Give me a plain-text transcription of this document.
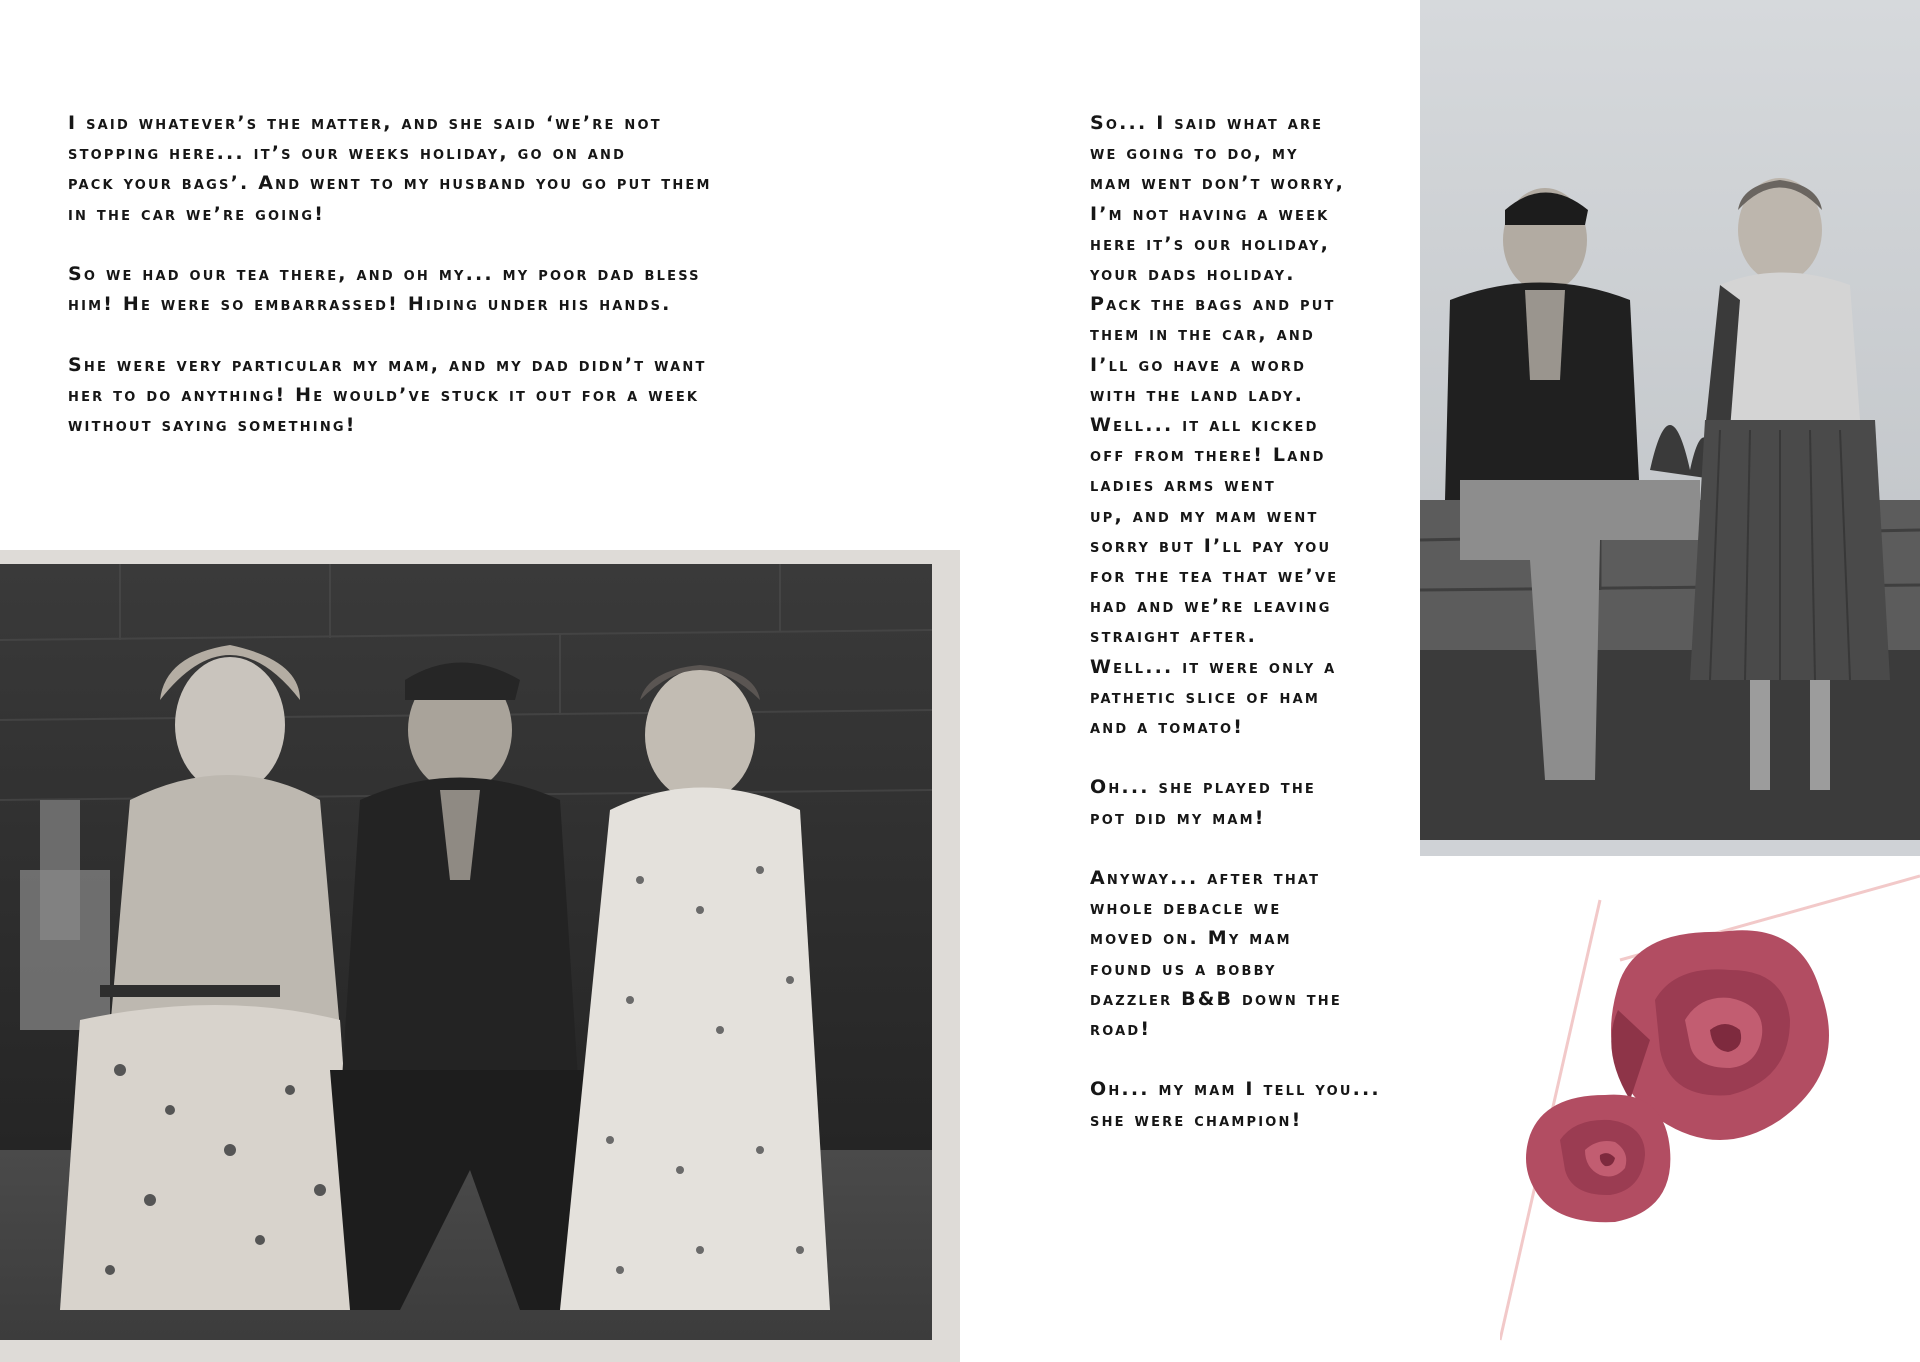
I said whatever’s the matter, and she said ‘we’re not
stopping here... it’s our weeks holiday, go on and
pack your bags’. And went to my husband you go put them
in the car we’re going!

So we had our tea there, and oh my... my poor dad bless
him! He were so embarrassed! Hiding under his hands.

She were very particular my mam, and my dad didn’t want
her to do anything! He would’ve stuck it out for a week
without saying something!

So... I said what are
we going to do, my
mam went don’t worry,
I’m not having a week
here it’s our holiday,
your dads holiday.
Pack the bags and put
them in the car, and
I’ll go have a word
with the land lady.
Well... it all kicked
off from there! Land
ladies arms went
up, and my mam went
sorry but I’ll pay you
for the tea that we’ve
had and we’re leaving
straight after.
Well... it were only a
pathetic slice of ham
and a tomato!

Oh... she played the
pot did my mam!

Anyway... after that
whole debacle we
moved on. My mam
found us a bobby
dazzler B&B down the
road!

Oh... my mam I tell you...
she were champion!
